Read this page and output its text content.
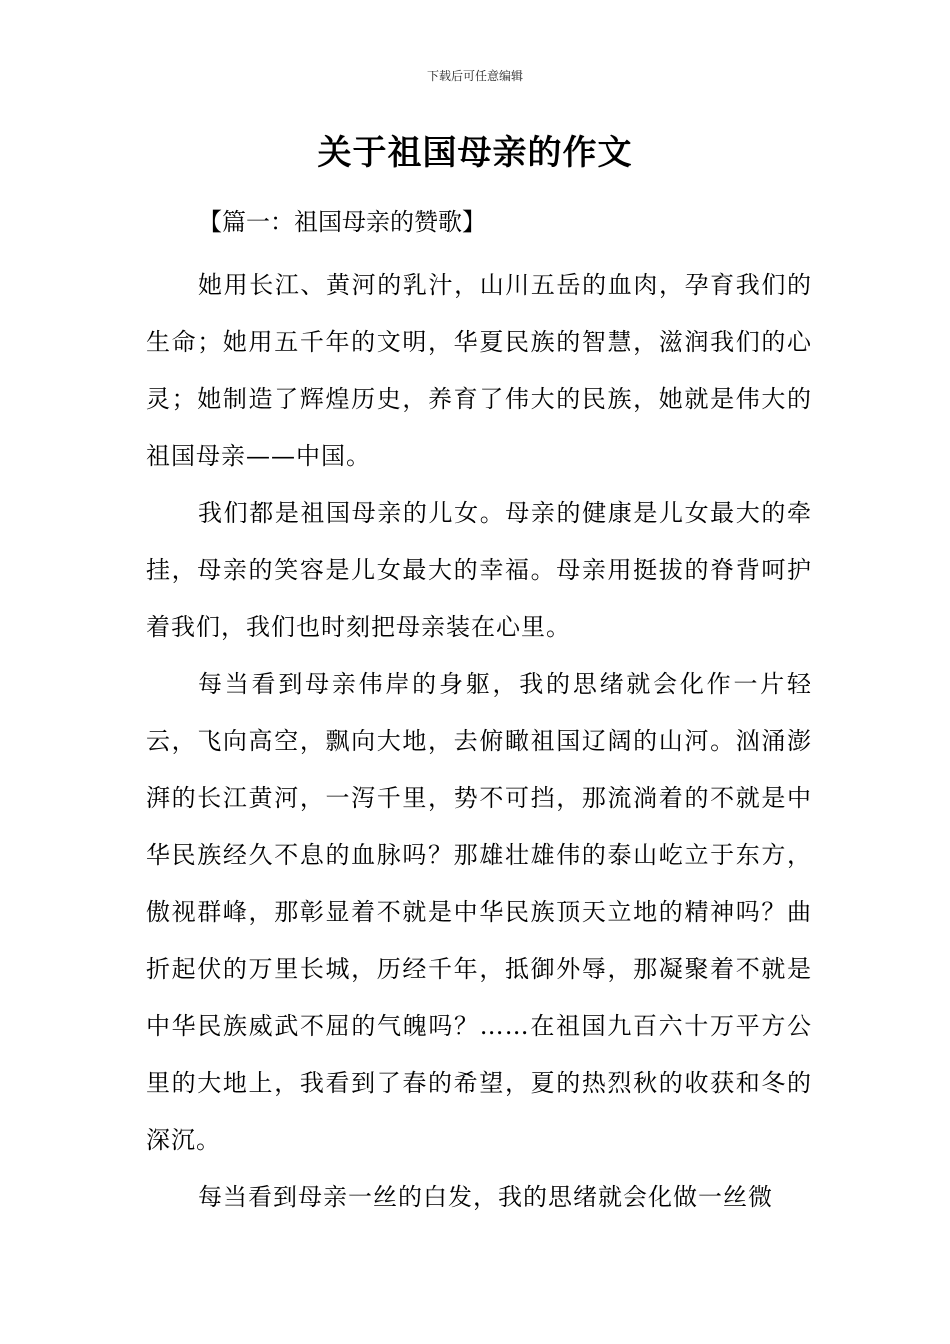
下载后可任意编辑
关于祖国母亲的作文

【篇一：祖国母亲的赞歌】

她用长江、黄河的乳汁，山川五岳的血肉，孕育我们的生命；她用五千年的文明，华夏民族的智慧，滋润我们的心灵；她制造了辉煌历史，养育了伟大的民族，她就是伟大的祖国母亲——中国。

我们都是祖国母亲的儿女。母亲的健康是儿女最大的牵挂，母亲的笑容是儿女最大的幸福。母亲用挺拔的脊背呵护着我们，我们也时刻把母亲装在心里。

每当看到母亲伟岸的身躯，我的思绪就会化作一片轻云，飞向高空，飘向大地，去俯瞰祖国辽阔的山河。汹涌澎湃的长江黄河，一泻千里，势不可挡，那流淌着的不就是中华民族经久不息的血脉吗？那雄壮雄伟的泰山屹立于东方，傲视群峰，那彰显着不就是中华民族顶天立地的精神吗？曲折起伏的万里长城，历经千年，抵御外辱，那凝聚着不就是中华民族威武不屈的气魄吗？……在祖国九百六十万平方公里的大地上，我看到了春的希望，夏的热烈秋的收获和冬的深沉。

每当看到母亲一丝的白发，我的思绪就会化做一丝微
